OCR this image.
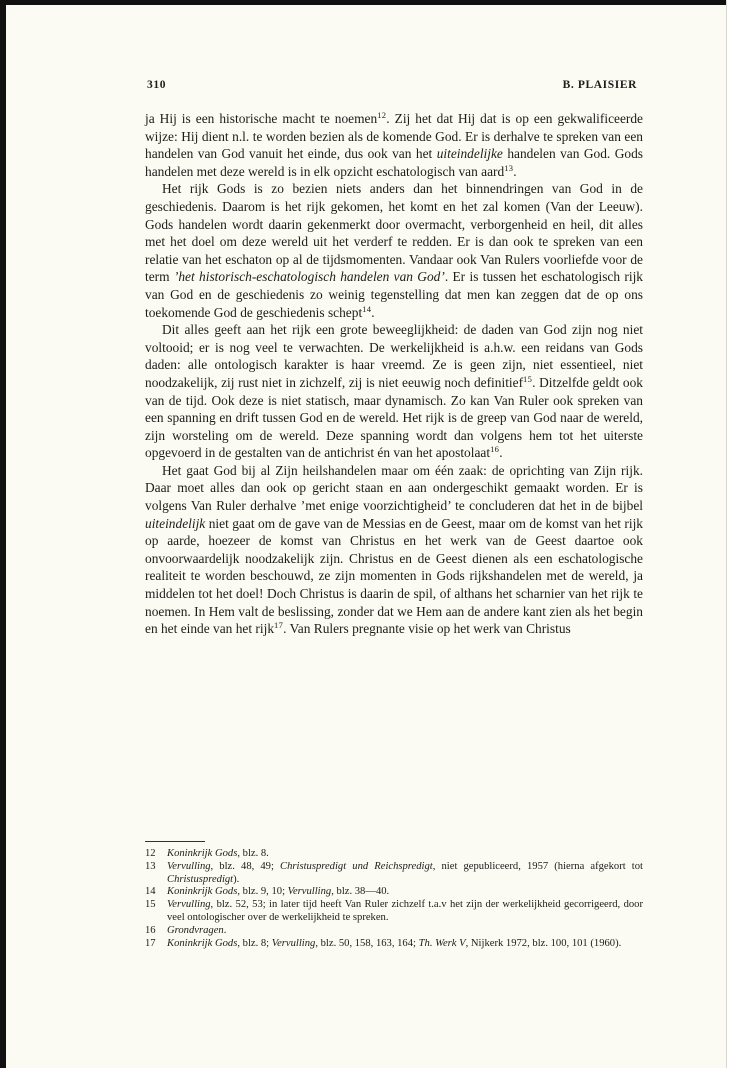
310	B. PLAISIER

ja Hij is een historische macht te noemen$^{12}$. Zij het dat Hij dat is op een gekwalificeerde wijze: Hij dient n.l. te worden bezien als de komende God. Er is derhalve te spreken van een handelen van God vanuit het einde, dus ook van het uiteindelijke handelen van God. Gods handelen met deze wereld is in elk opzicht eschatologisch van aard$^{13}$.

Het rijk Gods is zo bezien niets anders dan het binnendringen van God in de geschiedenis. Daarom is het rijk gekomen, het komt en het zal komen (Van der Leeuw). Gods handelen wordt daarin gekenmerkt door overmacht, verborgenheid en heil, dit alles met het doel om deze wereld uit het verderf te redden. Er is dan ook te spreken van een relatie van het eschaton op al de tijdsmomenten. Vandaar ook Van Rulers voorliefde voor de term ’het historisch-eschatologisch handelen van God’. Er is tussen het eschatologisch rijk van God en de geschiedenis zo weinig tegenstelling dat men kan zeggen dat de op ons toekomende God de geschiedenis schept$^{14}$.

Dit alles geeft aan het rijk een grote beweeglijkheid: de daden van God zijn nog niet voltooid; er is nog veel te verwachten. De werkelijkheid is a.h.w. een reidans van Gods daden: alle ontologisch karakter is haar vreemd. Ze is geen zijn, niet essentieel, niet noodzakelijk, zij rust niet in zichzelf, zij is niet eeuwig noch definitief$^{15}$. Ditzelfde geldt ook van de tijd. Ook deze is niet statisch, maar dynamisch. Zo kan Van Ruler ook spreken van een spanning en drift tussen God en de wereld. Het rijk is de greep van God naar de wereld, zijn worsteling om de wereld. Deze spanning wordt dan volgens hem tot het uiterste opgevoerd in de gestalten van de antichrist én van het apostolaat$^{16}$.

Het gaat God bij al Zijn heilshandelen maar om één zaak: de oprichting van Zijn rijk. Daar moet alles dan ook op gericht staan en aan ondergeschikt gemaakt worden. Er is volgens Van Ruler derhalve ’met enige voorzichtigheid’ te concluderen dat het in de bijbel uiteindelijk niet gaat om de gave van de Messias en de Geest, maar om de komst van het rijk op aarde, hoezeer de komst van Christus en het werk van de Geest daartoe ook onvoorwaardelijk noodzakelijk zijn. Christus en de Geest dienen als een eschatologische realiteit te worden beschouwd, ze zijn momenten in Gods rijkshandelen met de wereld, ja middelen tot het doel! Doch Christus is daarin de spil, of althans het scharnier van het rijk te noemen. In Hem valt de beslissing, zonder dat we Hem aan de andere kant zien als het begin en het einde van het rijk$^{17}$. Van Rulers pregnante visie op het werk van Christus

12 Koninkrijk Gods, blz. 8.
13 Vervulling, blz. 48, 49; Christuspredigt und Reichspredigt, niet gepubliceerd, 1957 (hierna afgekort tot Christuspredigt).
14 Koninkrijk Gods, blz. 9, 10; Vervulling, blz. 38—40.
15 Vervulling, blz. 52, 53; in later tijd heeft Van Ruler zichzelf t.a.v het zijn der werkelijkheid gecorrigeerd, door veel ontologischer over de werkelijkheid te spreken.
16 Grondvragen.
17 Koninkrijk Gods, blz. 8; Vervulling, blz. 50, 158, 163, 164; Th. Werk V, Nijkerk 1972, blz. 100, 101 (1960).
